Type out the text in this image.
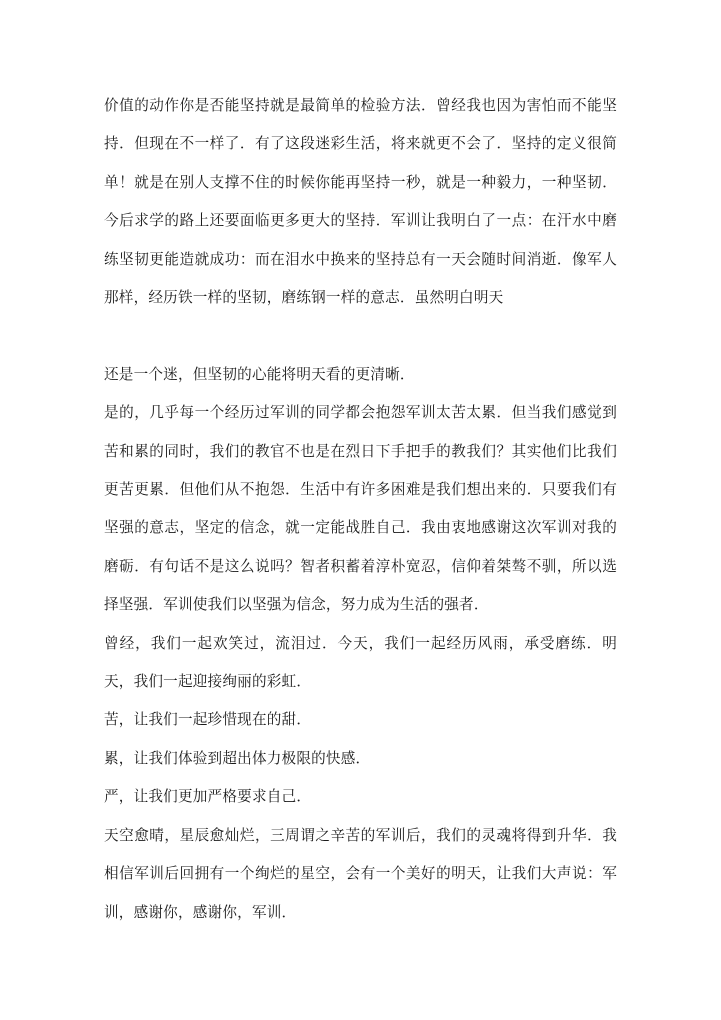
价值的动作你是否能坚持就是最简单的检验方法．曾经我也因为害怕而不能坚持．但现在不一样了．有了这段迷彩生活，将来就更不会了．坚持的定义很简单！就是在别人支撑不住的时候你能再坚持一秒，就是一种毅力，一种坚韧．今后求学的路上还要面临更多更大的坚持．军训让我明白了一点：在汗水中磨练坚韧更能造就成功：而在泪水中换来的坚持总有一天会随时间消逝．像军人那样，经历铁一样的坚韧，磨练钢一样的意志．虽然明白明天

还是一个迷，但坚韧的心能将明天看的更清晰．

是的，几乎每一个经历过军训的同学都会抱怨军训太苦太累．但当我们感觉到苦和累的同时，我们的教官不也是在烈日下手把手的教我们？其实他们比我们更苦更累．但他们从不抱怨．生活中有许多困难是我们想出来的．只要我们有坚强的意志，坚定的信念，就一定能战胜自己．我由衷地感谢这次军训对我的磨砺．有句话不是这么说吗？智者积蓄着淳朴宽忍，信仰着桀骜不驯，所以选择坚强．军训使我们以坚强为信念，努力成为生活的强者．

曾经，我们一起欢笑过，流泪过．今天，我们一起经历风雨，承受磨练．明天，我们一起迎接绚丽的彩虹．

苦，让我们一起珍惜现在的甜．

累，让我们体验到超出体力极限的快感．

严，让我们更加严格要求自己．

天空愈晴，星辰愈灿烂，三周谓之辛苦的军训后，我们的灵魂将得到升华．我相信军训后回拥有一个绚烂的星空，会有一个美好的明天，让我们大声说：军训，感谢你，感谢你，军训．
